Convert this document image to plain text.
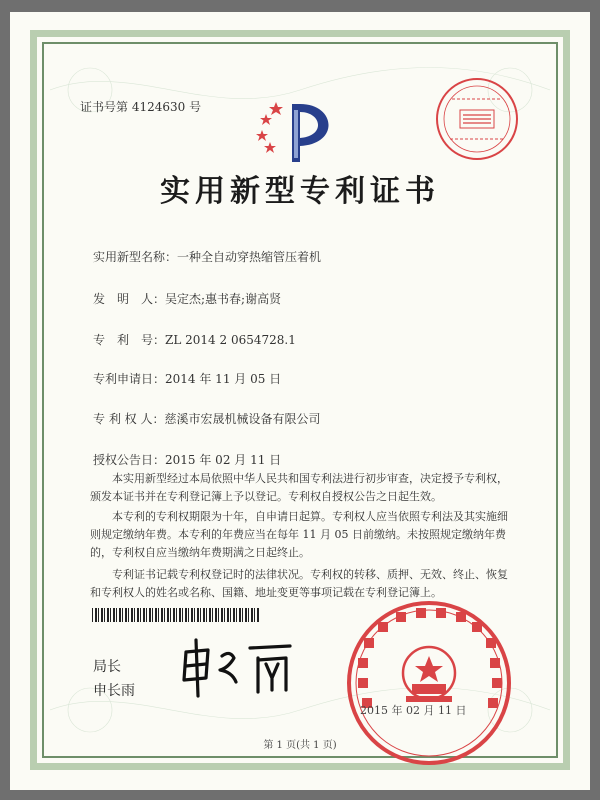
证书号第 4124630 号
实用新型专利证书
实用新型名称：一种全自动穿热缩管压着机
发　明　人：吴定杰;惠书春;谢高贤
专　利　号：ZL 2014 2 0654728.1
专利申请日：2014 年 11 月 05 日
专 利 权 人：慈溪市宏晟机械设备有限公司
授权公告日：2015 年 02 月 11 日
本实用新型经过本局依照中华人民共和国专利法进行初步审查，决定授予专利权，颁发本证书并在专利登记簿上予以登记。专利权自授权公告之日起生效。
本专利的专利权期限为十年，自申请日起算。专利权人应当依照专利法及其实施细则规定缴纳年费。本专利的年费应当在每年 11 月 05 日前缴纳。未按照规定缴纳年费的，专利权自应当缴纳年费期满之日起终止。
专利证书记载专利权登记时的法律状况。专利权的转移、质押、无效、终止、恢复和专利权人的姓名或名称、国籍、地址变更等事项记载在专利登记簿上。
局长
申长雨
2015 年 02 月 11 日
第 1 页(共 1 页)
